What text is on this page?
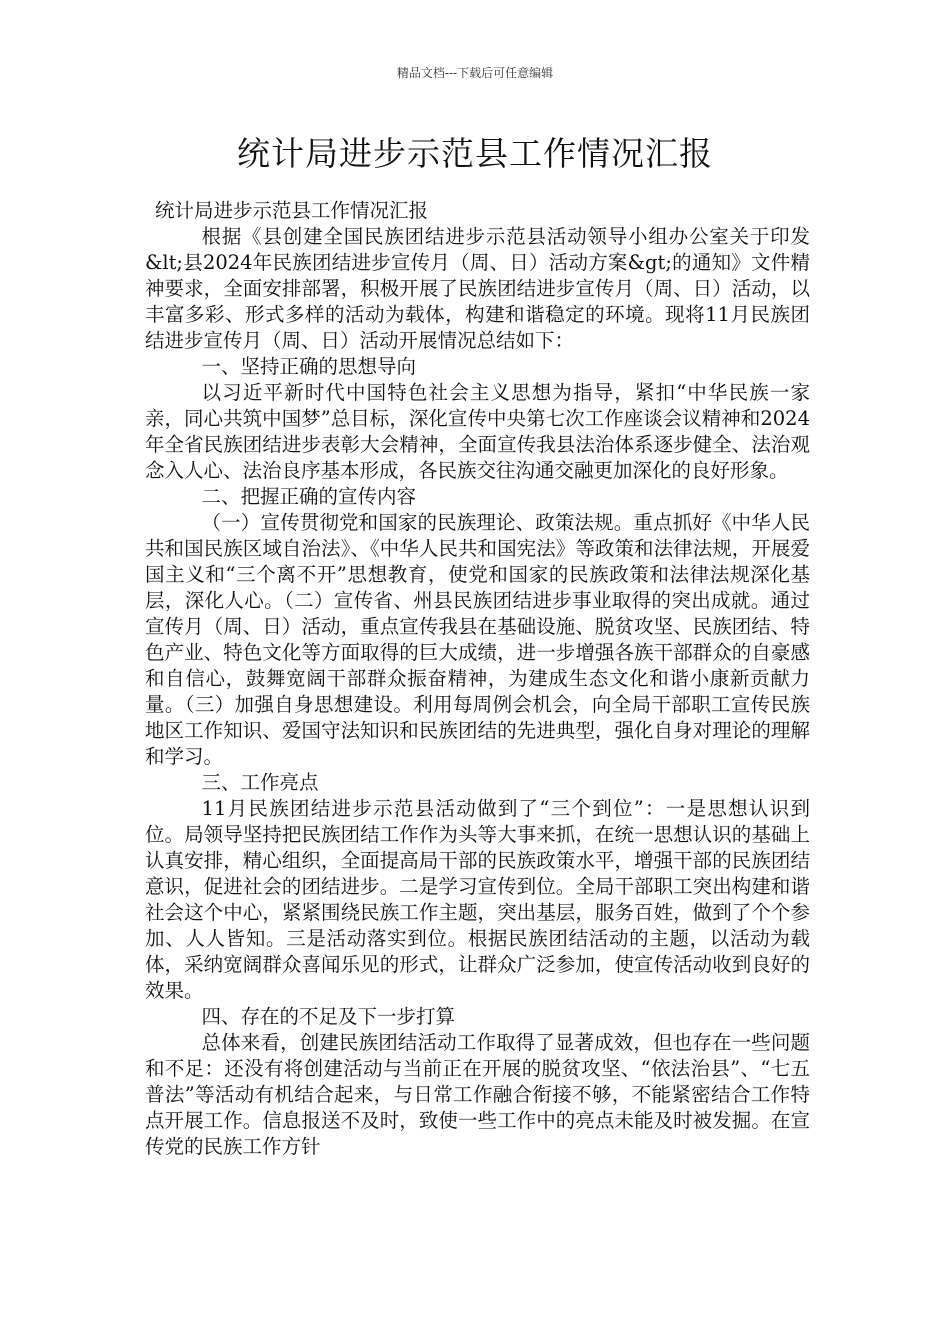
精品文档---下载后可任意编辑
统计局进步示范县工作情况汇报

统计局进步示范县工作情况汇报

根据《县创建全国民族团结进步示范县活动领导小组办公室关于印发&lt;县2024年民族团结进步宣传月（周、日）活动方案&gt;的通知》文件精神要求，全面安排部署，积极开展了民族团结进步宣传月（周、日）活动，以丰富多彩、形式多样的活动为载体，构建和谐稳定的环境。现将11月民族团结进步宣传月（周、日）活动开展情况总结如下：

一、坚持正确的思想导向

以习近平新时代中国特色社会主义思想为指导，紧扣“中华民族一家亲，同心共筑中国梦”总目标，深化宣传中央第七次工作座谈会议精神和2024年全省民族团结进步表彰大会精神，全面宣传我县法治体系逐步健全、法治观念入人心、法治良序基本形成，各民族交往沟通交融更加深化的良好形象。

二、把握正确的宣传内容

（一）宣传贯彻党和国家的民族理论、政策法规。重点抓好《中华人民共和国民族区域自治法》、《中华人民共和国宪法》等政策和法律法规，开展爱国主义和“三个离不开”思想教育，使党和国家的民族政策和法律法规深化基层，深化人心。（二）宣传省、州县民族团结进步事业取得的突出成就。通过宣传月（周、日）活动，重点宣传我县在基础设施、脱贫攻坚、民族团结、特色产业、特色文化等方面取得的巨大成绩，进一步增强各族干部群众的自豪感和自信心，鼓舞宽阔干部群众振奋精神，为建成生态文化和谐小康新贡献力量。（三）加强自身思想建设。利用每周例会机会，向全局干部职工宣传民族地区工作知识、爱国守法知识和民族团结的先进典型，强化自身对理论的理解和学习。

三、工作亮点

11月民族团结进步示范县活动做到了“三个到位”：一是思想认识到位。局领导坚持把民族团结工作作为头等大事来抓，在统一思想认识的基础上认真安排，精心组织，全面提高局干部的民族政策水平，增强干部的民族团结意识，促进社会的团结进步。二是学习宣传到位。全局干部职工突出构建和谐社会这个中心，紧紧围绕民族工作主题，突出基层，服务百姓，做到了个个参加、人人皆知。三是活动落实到位。根据民族团结活动的主题，以活动为载体，采纳宽阔群众喜闻乐见的形式，让群众广泛参加，使宣传活动收到良好的效果。

四、存在的不足及下一步打算

总体来看，创建民族团结活动工作取得了显著成效，但也存在一些问题和不足：还没有将创建活动与当前正在开展的脱贫攻坚、“依法治县”、“七五普法”等活动有机结合起来，与日常工作融合衔接不够，不能紧密结合工作特点开展工作。信息报送不及时，致使一些工作中的亮点未能及时被发掘。在宣传党的民族工作方针
